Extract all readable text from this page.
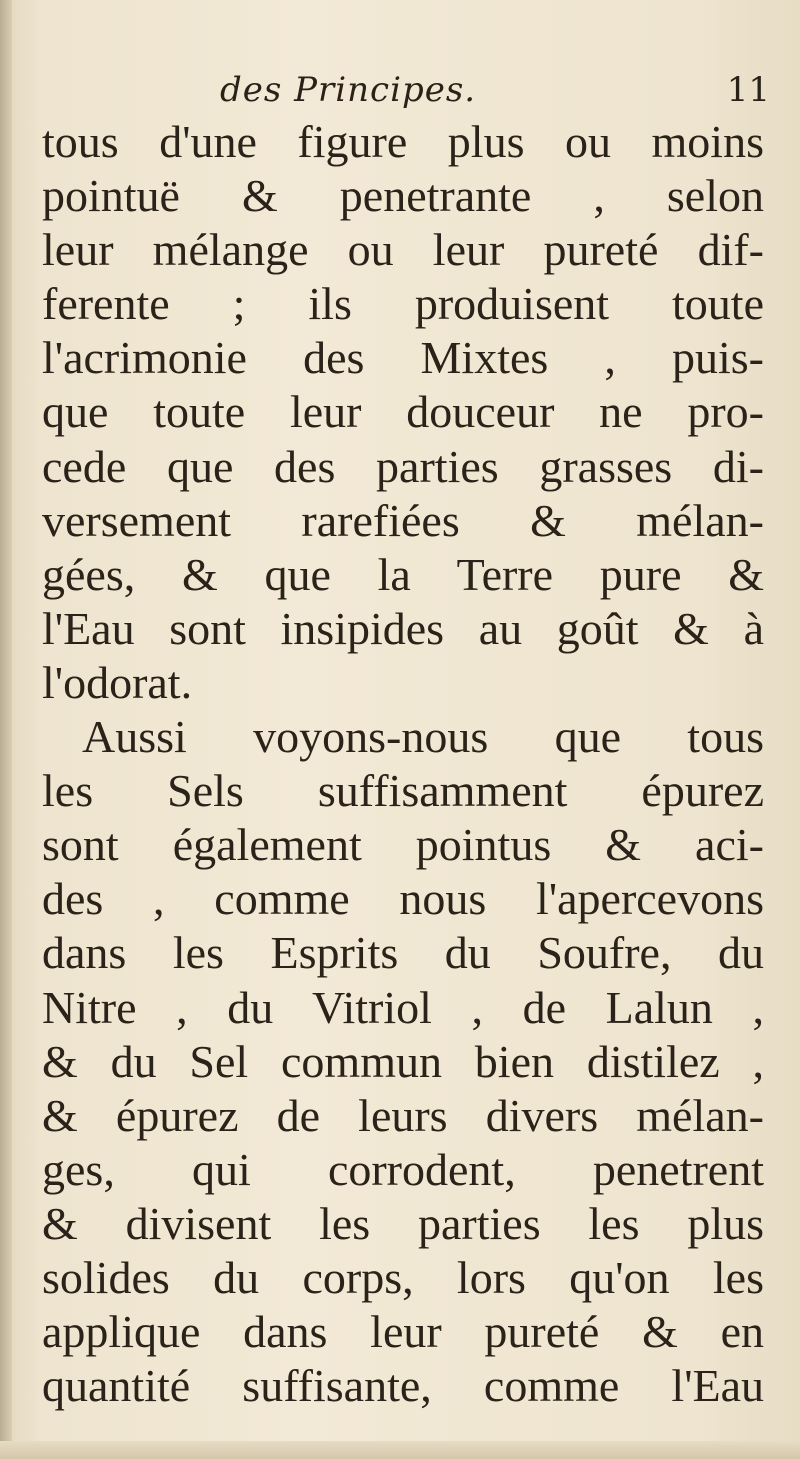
des Principes.	11
tous d'une figure plus ou moins
pointuë & penetrante , selon
leur mélange ou leur pureté dif-
ferente ; ils produisent toute
l'acrimonie des Mixtes , puis-
que toute leur douceur ne pro-
cede que des parties grasses di-
versement rarefiées & mélan-
gées, & que la Terre pure &
l'Eau sont insipides au goût & à
l'odorat.
Aussi voyons-nous que tous
les Sels suffisamment épurez
sont également pointus & aci-
des , comme nous l'apercevons
dans les Esprits du Soufre, du
Nitre , du Vitriol , de Lalun ,
& du Sel commun bien distilez ,
& épurez de leurs divers mélan-
ges, qui corrodent, penetrent
& divisent les parties les plus
solides du corps, lors qu'on les
applique dans leur pureté & en
quantité suffisante, comme l'Eau
